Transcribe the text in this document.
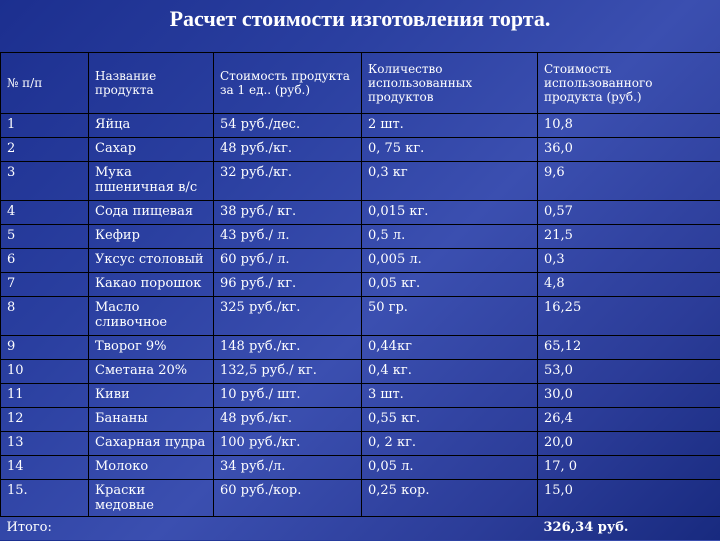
Расчет стоимости изготовления торта.
№ п/п	Название продукта	Стоимость продукта за 1 ед.. (руб.)	Количество использованных продуктов	Стоимость использованного продукта (руб.)
1	Яйца	54 руб./дес.	2 шт.	10,8
2	Сахар	48 руб./кг.	0, 75 кг.	36,0
3	Мука пшеничная в/с	32 руб./кг.	0,3 кг	9,6
4	Сода пищевая	38 руб./ кг.	0,015 кг.	0,57
5	Кефир	43 руб./ л.	0,5 л.	21,5
6	Уксус столовый	60 руб./ л.	0,005 л.	0,3
7	Какао порошок	96 руб./ кг.	0,05 кг.	4,8
8	Масло сливочное	325 руб./кг.	50 гр.	16,25
9	Творог 9%	148 руб./кг.	0,44кг	65,12
10	Сметана 20%	132,5 руб./ кг.	0,4 кг.	53,0
11	Киви	10 руб./ шт.	3 шт.	30,0
12	Бананы	48 руб./кг.	0,55 кг.	26,4
13	Сахарная пудра	100 руб./кг.	0, 2 кг.	20,0
14	Молоко	34 руб./л.	0,05 л.	17, 0
15.	Краски медовые	60 руб./кор.	0,25 кор.	15,0
Итого:				326,34 руб.
